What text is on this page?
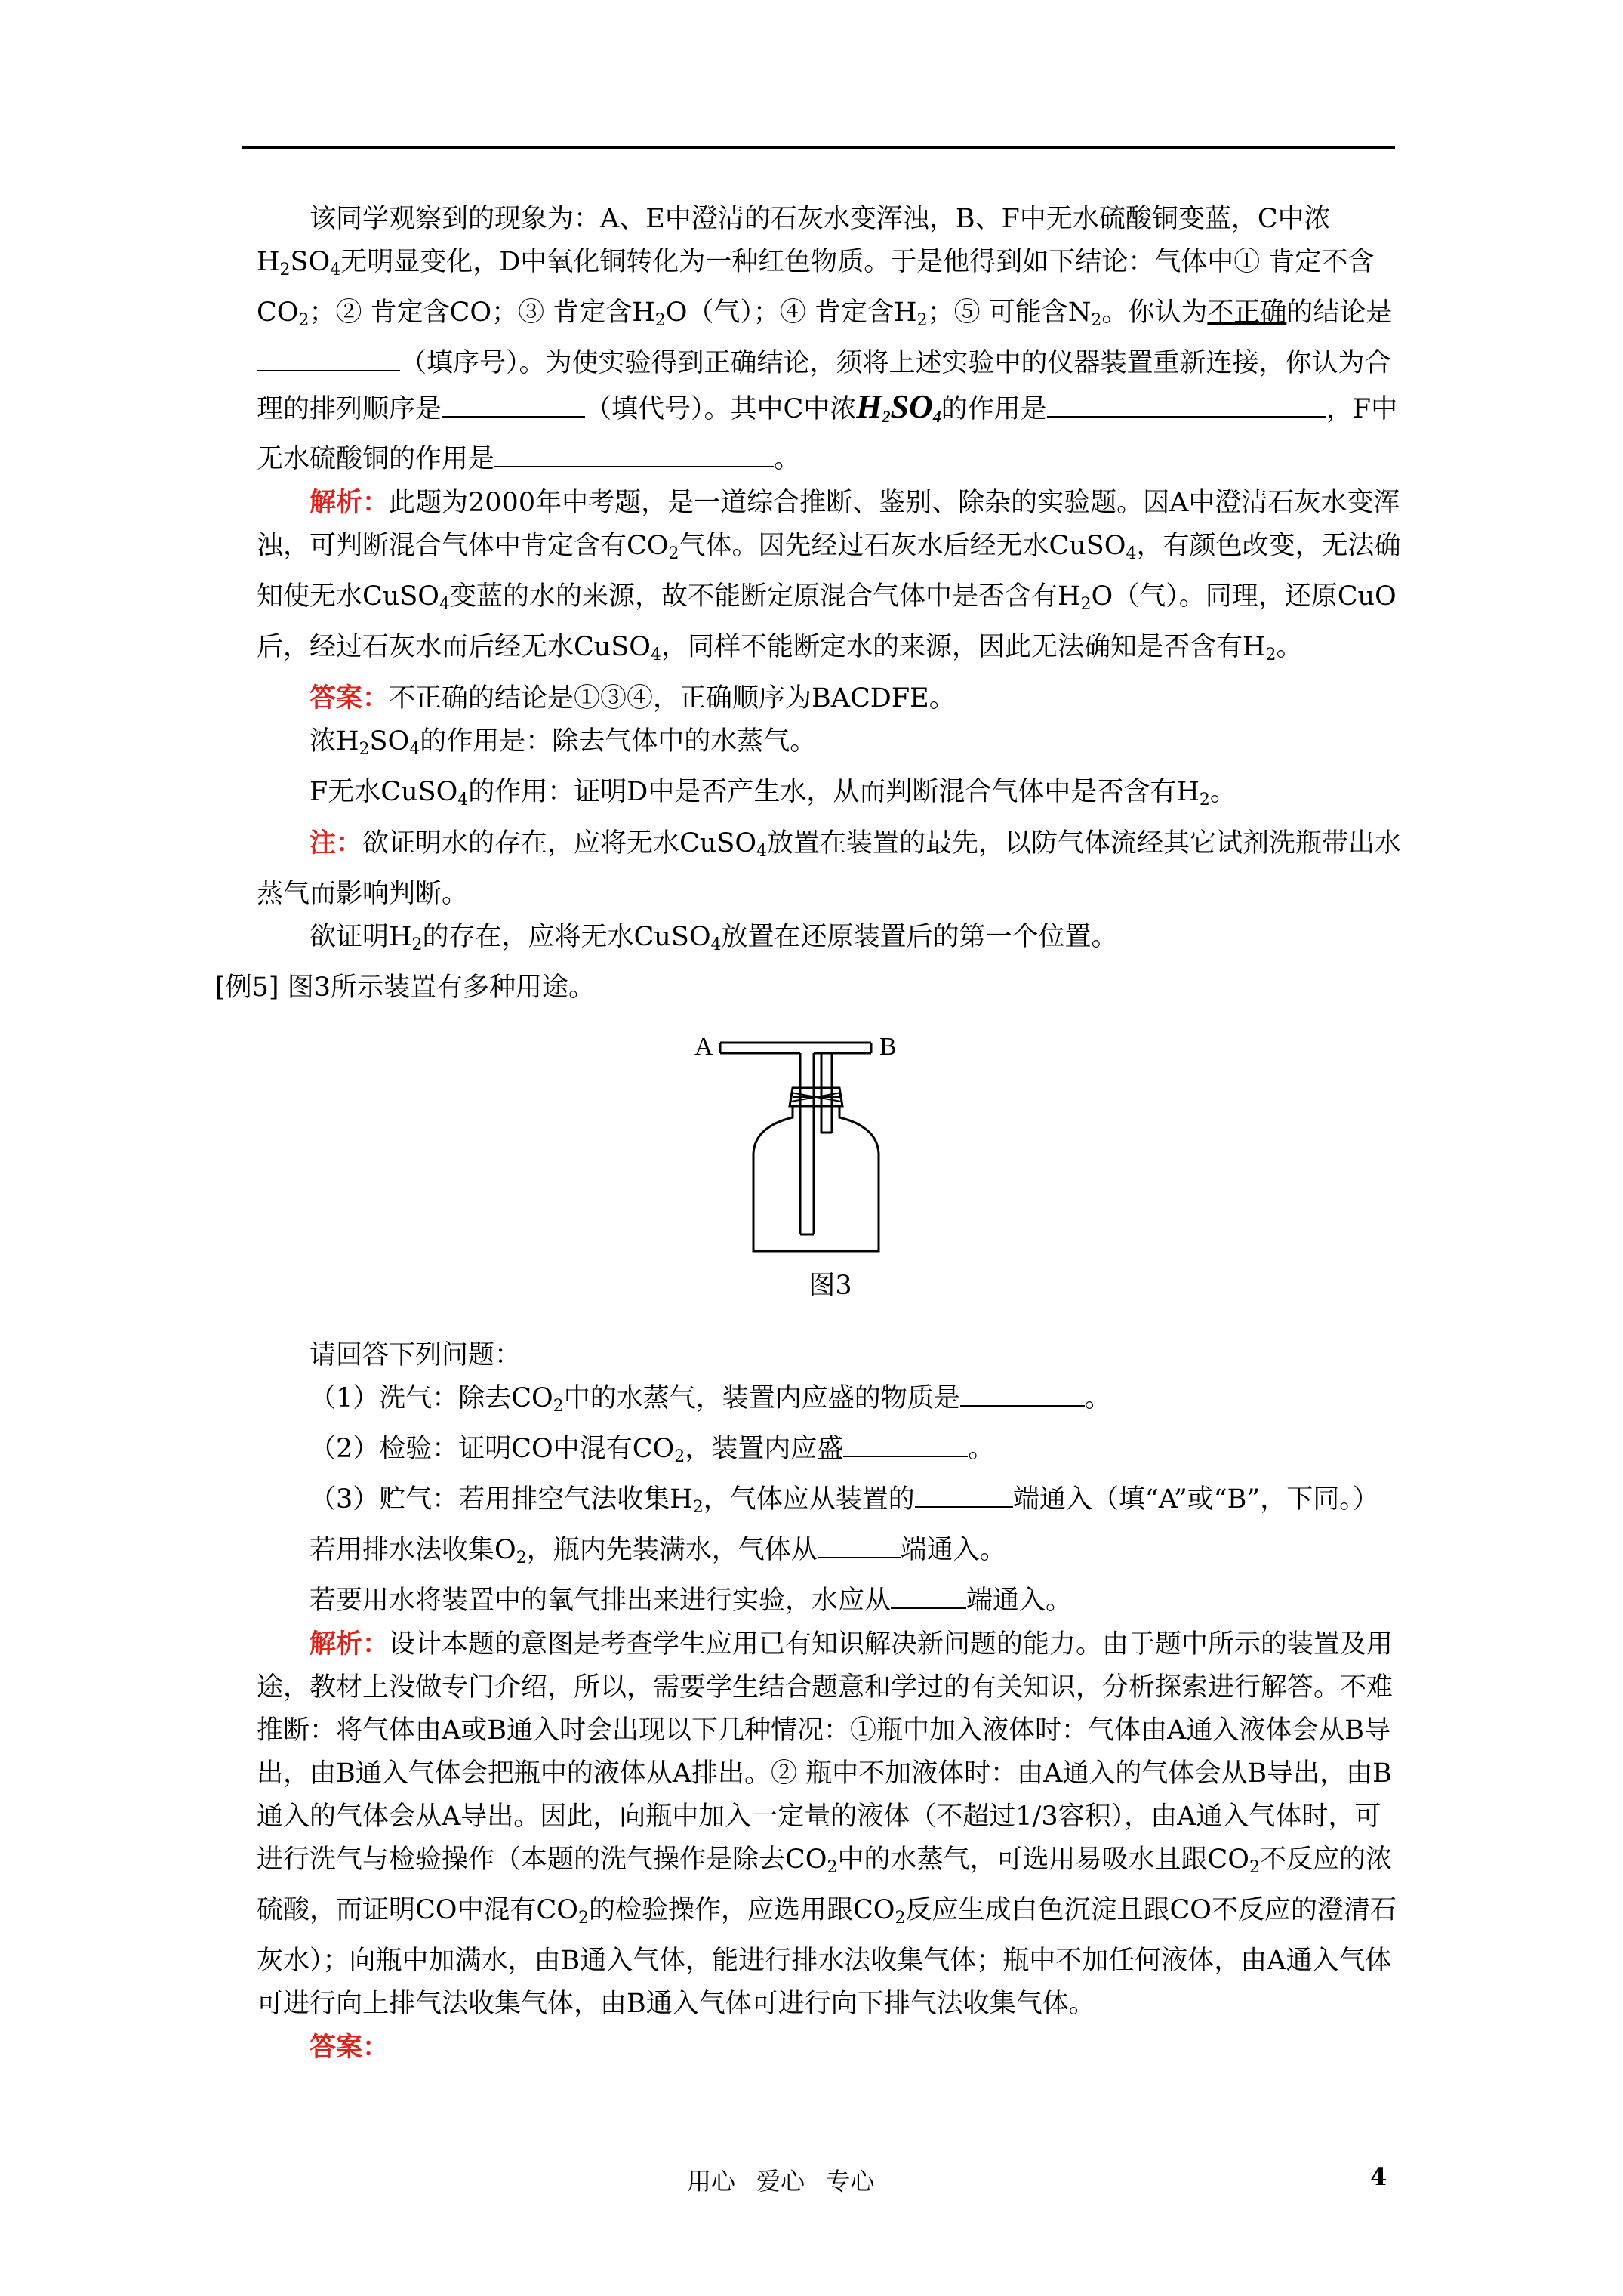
该同学观察到的现象为：A、E中澄清的石灰水变浑浊，B、F中无水硫酸铜变蓝，C中浓$H_2SO_4$无明显变化，D中氧化铜转化为一种红色物质。于是他得到如下结论：气体中① 肯定不含$CO_2$；② 肯定含CO；③ 肯定含$H_2O$（气）；④ 肯定含$H_2$；⑤ 可能含$N_2$。你认为不正确的结论是（填序号）。为使实验得到正确结论，须将上述实验中的仪器装置重新连接，你认为合理的排列顺序是	（填代号）。其中C中浓$H_2SO_4$的作用是	，F中无水硫酸铜的作用是	。

解析：此题为2000年中考题，是一道综合推断、鉴别、除杂的实验题。因A中澄清石灰水变浑浊，可判断混合气体中肯定含有$CO_2$气体。因先经过石灰水后经无水CuSO$_4$，有颜色改变，无法确知使无水CuSO$_4$变蓝的水的来源，故不能断定原混合气体中是否含有$H_2O$（气）。同理，还原CuO后，经过石灰水而后经无水CuSO$_4$，同样不能断定水的来源，因此无法确知是否含有$H_2$。

答案：不正确的结论是①③④，正确顺序为BACDFE。

浓$H_2SO_4$的作用是：除去气体中的水蒸气。

F无水CuSO$_4$的作用：证明D中是否产生水，从而判断混合气体中是否含有$H_2$。

注：欲证明水的存在，应将无水CuSO$_4$放置在装置的最先，以防气体流经其它试剂洗瓶带出水蒸气而影响判断。

欲证明$H_2$的存在，应将无水CuSO$_4$放置在还原装置后的第一个位置。

[例5] 图3所示装置有多种用途。

A	B

图3

请回答下列问题：

（1）洗气：除去$CO_2$中的水蒸气，装置内应盛的物质是	。

（2）检验：证明CO中混有$CO_2$，装置内应盛	。

（3）贮气：若用排空气法收集$H_2$，气体应从装置的	端通入（填“A”或“B”，下同。）

若用排水法收集$O_2$，瓶内先装满水，气体从	端通入。

若要用水将装置中的氧气排出来进行实验，水应从	端通入。

解析：设计本题的意图是考查学生应用已有知识解决新问题的能力。由于题中所示的装置及用途，教材上没做专门介绍，所以，需要学生结合题意和学过的有关知识，分析探索进行解答。不难推断：将气体由A或B通入时会出现以下几种情况：①瓶中加入液体时：气体由A通入液体会从B导出，由B通入气体会把瓶中的液体从A排出。② 瓶中不加液体时：由A通入的气体会从B导出，由B通入的气体会从A导出。因此，向瓶中加入一定量的液体（不超过1/3容积），由A通入气体时，可进行洗气与检验操作（本题的洗气操作是除去$CO_2$中的水蒸气，可选用易吸水且跟$CO_2$不反应的浓硫酸，而证明CO中混有$CO_2$的检验操作，应选用跟$CO_2$反应生成白色沉淀且跟CO不反应的澄清石灰水）；向瓶中加满水，由B通入气体，能进行排水法收集气体；瓶中不加任何液体，由A通入气体可进行向上排气法收集气体，由B通入气体可进行向下排气法收集气体。

答案：

用心 爱心 专心	4
